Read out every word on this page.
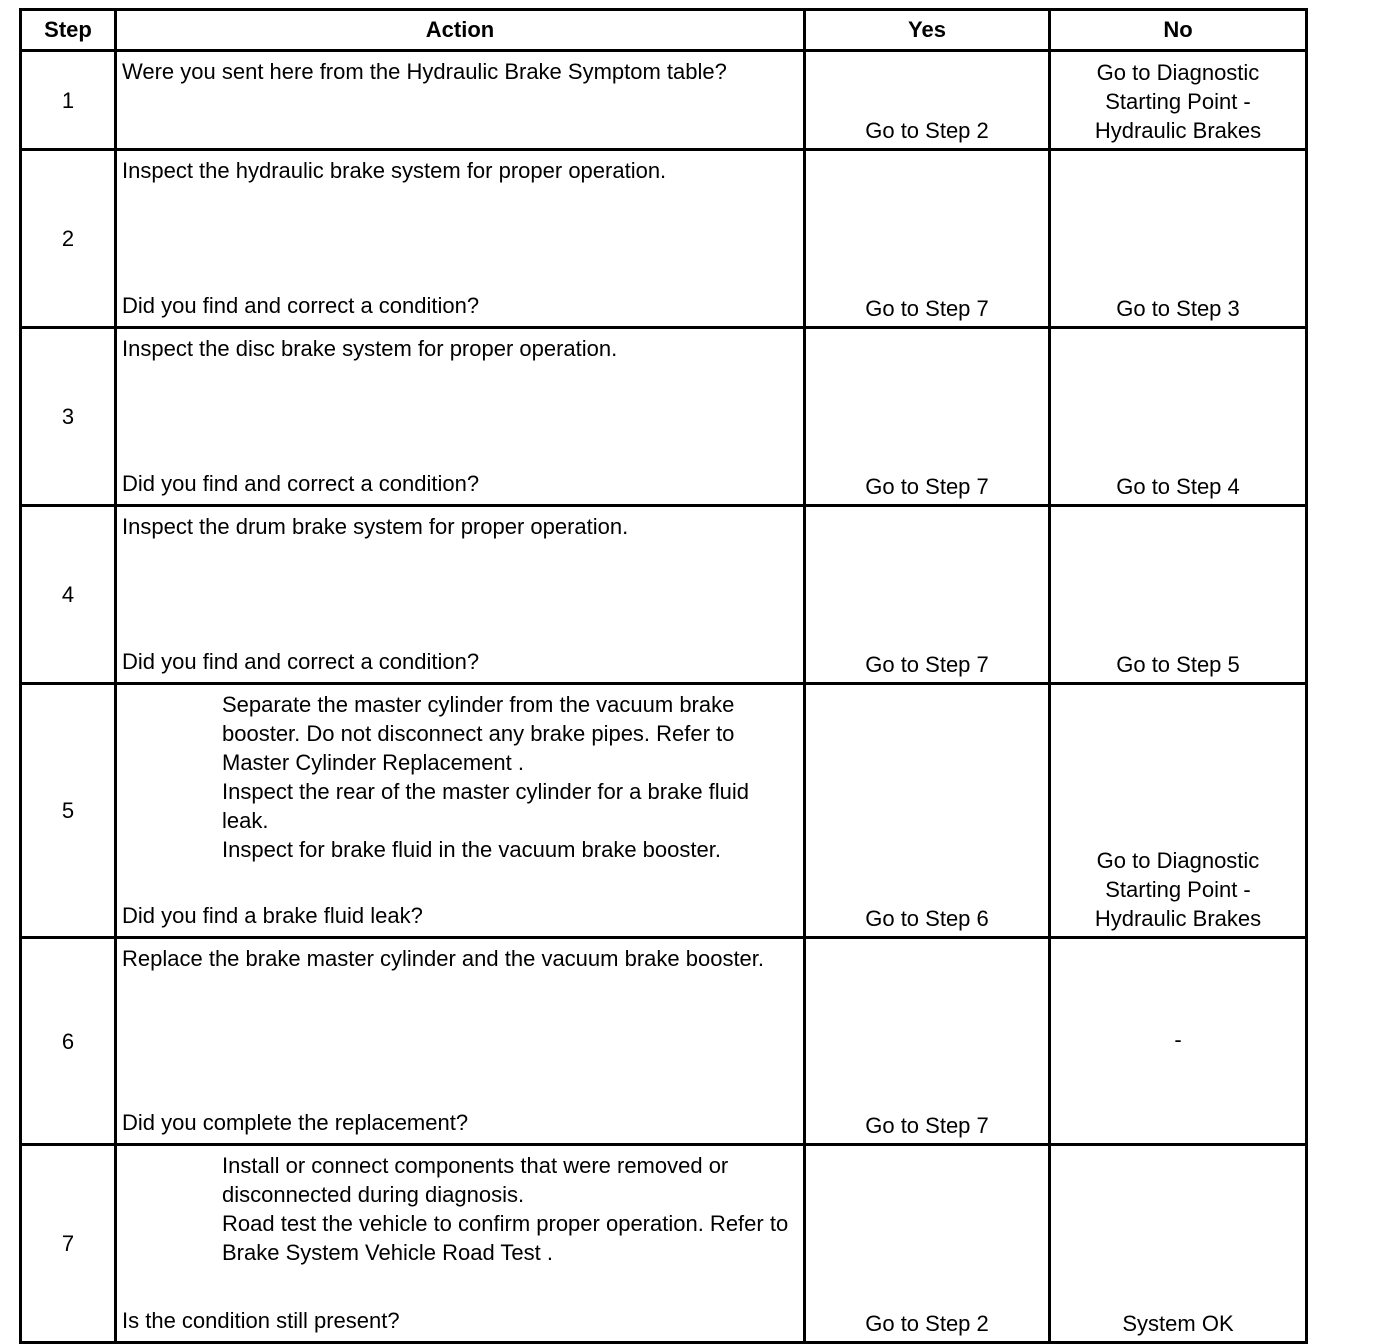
Step	Action	Yes	No
1	Were you sent here from the Hydraulic Brake Symptom table?	Go to Step 2	Go to Diagnostic Starting Point - Hydraulic Brakes
2	Inspect the hydraulic brake system for proper operation.
Did you find and correct a condition?	Go to Step 7	Go to Step 3
3	Inspect the disc brake system for proper operation.
Did you find and correct a condition?	Go to Step 7	Go to Step 4
4	Inspect the drum brake system for proper operation.
Did you find and correct a condition?	Go to Step 7	Go to Step 5
5	Separate the master cylinder from the vacuum brake booster. Do not disconnect any brake pipes. Refer to Master Cylinder Replacement .
Inspect the rear of the master cylinder for a brake fluid leak.
Inspect for brake fluid in the vacuum brake booster.
Did you find a brake fluid leak?	Go to Step 6	Go to Diagnostic Starting Point - Hydraulic Brakes
6	Replace the brake master cylinder and the vacuum brake booster.
Did you complete the replacement?	Go to Step 7	-
7	Install or connect components that were removed or disconnected during diagnosis.
Road test the vehicle to confirm proper operation. Refer to Brake System Vehicle Road Test .
Is the condition still present?	Go to Step 2	System OK
